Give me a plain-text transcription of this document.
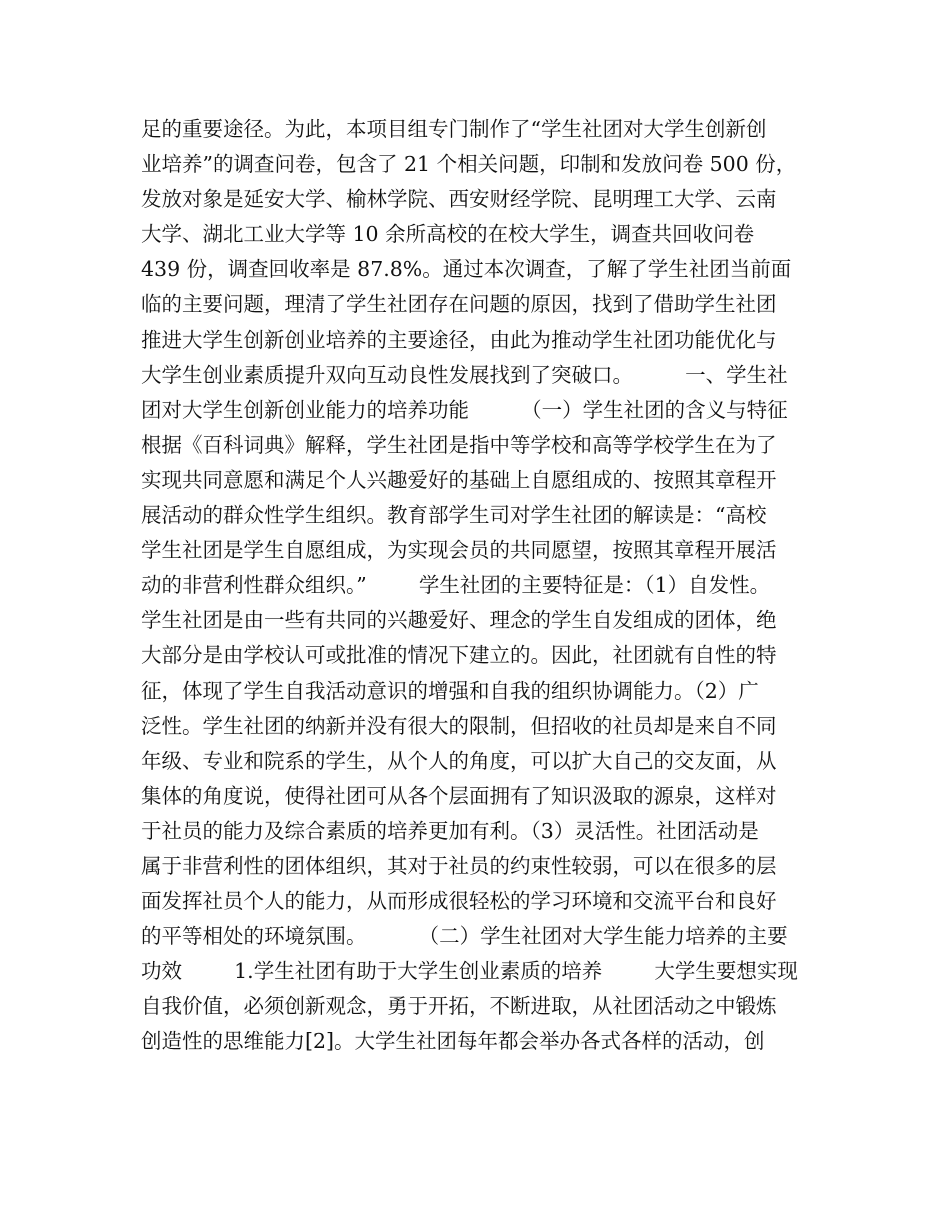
足的重要途径。为此，本项目组专门制作了“学生社团对大学生创新创
业培养”的调查问卷，包含了 21 个相关问题，印制和发放问卷 500 份，
发放对象是延安大学、榆林学院、西安财经学院、昆明理工大学、云南
大学、湖北工业大学等 10 余所高校的在校大学生，调查共回收问卷
439 份，调查回收率是 87.8%。通过本次调查，了解了学生社团当前面
临的主要问题，理清了学生社团存在问题的原因，找到了借助学生社团
推进大学生创新创业培养的主要途径，由此为推动学生社团功能优化与
大学生创业素质提升双向互动良性发展找到了突破口。        一、学生社
团对大学生创新创业能力的培养功能        （一）学生社团的含义与特征
根据《百科词典》解释，学生社团是指中等学校和高等学校学生在为了
实现共同意愿和满足个人兴趣爱好的基础上自愿组成的、按照其章程开
展活动的群众性学生组织。教育部学生司对学生社团的解读是：“高校
学生社团是学生自愿组成，为实现会员的共同愿望，按照其章程开展活
动的非营利性群众组织。”        学生社团的主要特征是：（1）自发性。
学生社团是由一些有共同的兴趣爱好、理念的学生自发组成的团体，绝
大部分是由学校认可或批准的情况下建立的。因此，社团就有自性的特
征，体现了学生自我活动意识的增强和自我的组织协调能力。（2）广
泛性。学生社团的纳新并没有很大的限制，但招收的社员却是来自不同
年级、专业和院系的学生，从个人的角度，可以扩大自己的交友面，从
集体的角度说，使得社团可从各个层面拥有了知识汲取的源泉，这样对
于社员的能力及综合素质的培养更加有利。（3）灵活性。社团活动是
属于非营利性的团体组织，其对于社员的约束性较弱，可以在很多的层
面发挥社员个人的能力，从而形成很轻松的学习环境和交流平台和良好
的平等相处的环境氛围。        （二）学生社团对大学生能力培养的主要
功效        1.学生社团有助于大学生创业素质的培养        大学生要想实现
自我价值，必须创新观念，勇于开拓，不断进取，从社团活动之中锻炼
创造性的思维能力[2]。大学生社团每年都会举办各式各样的活动，创
